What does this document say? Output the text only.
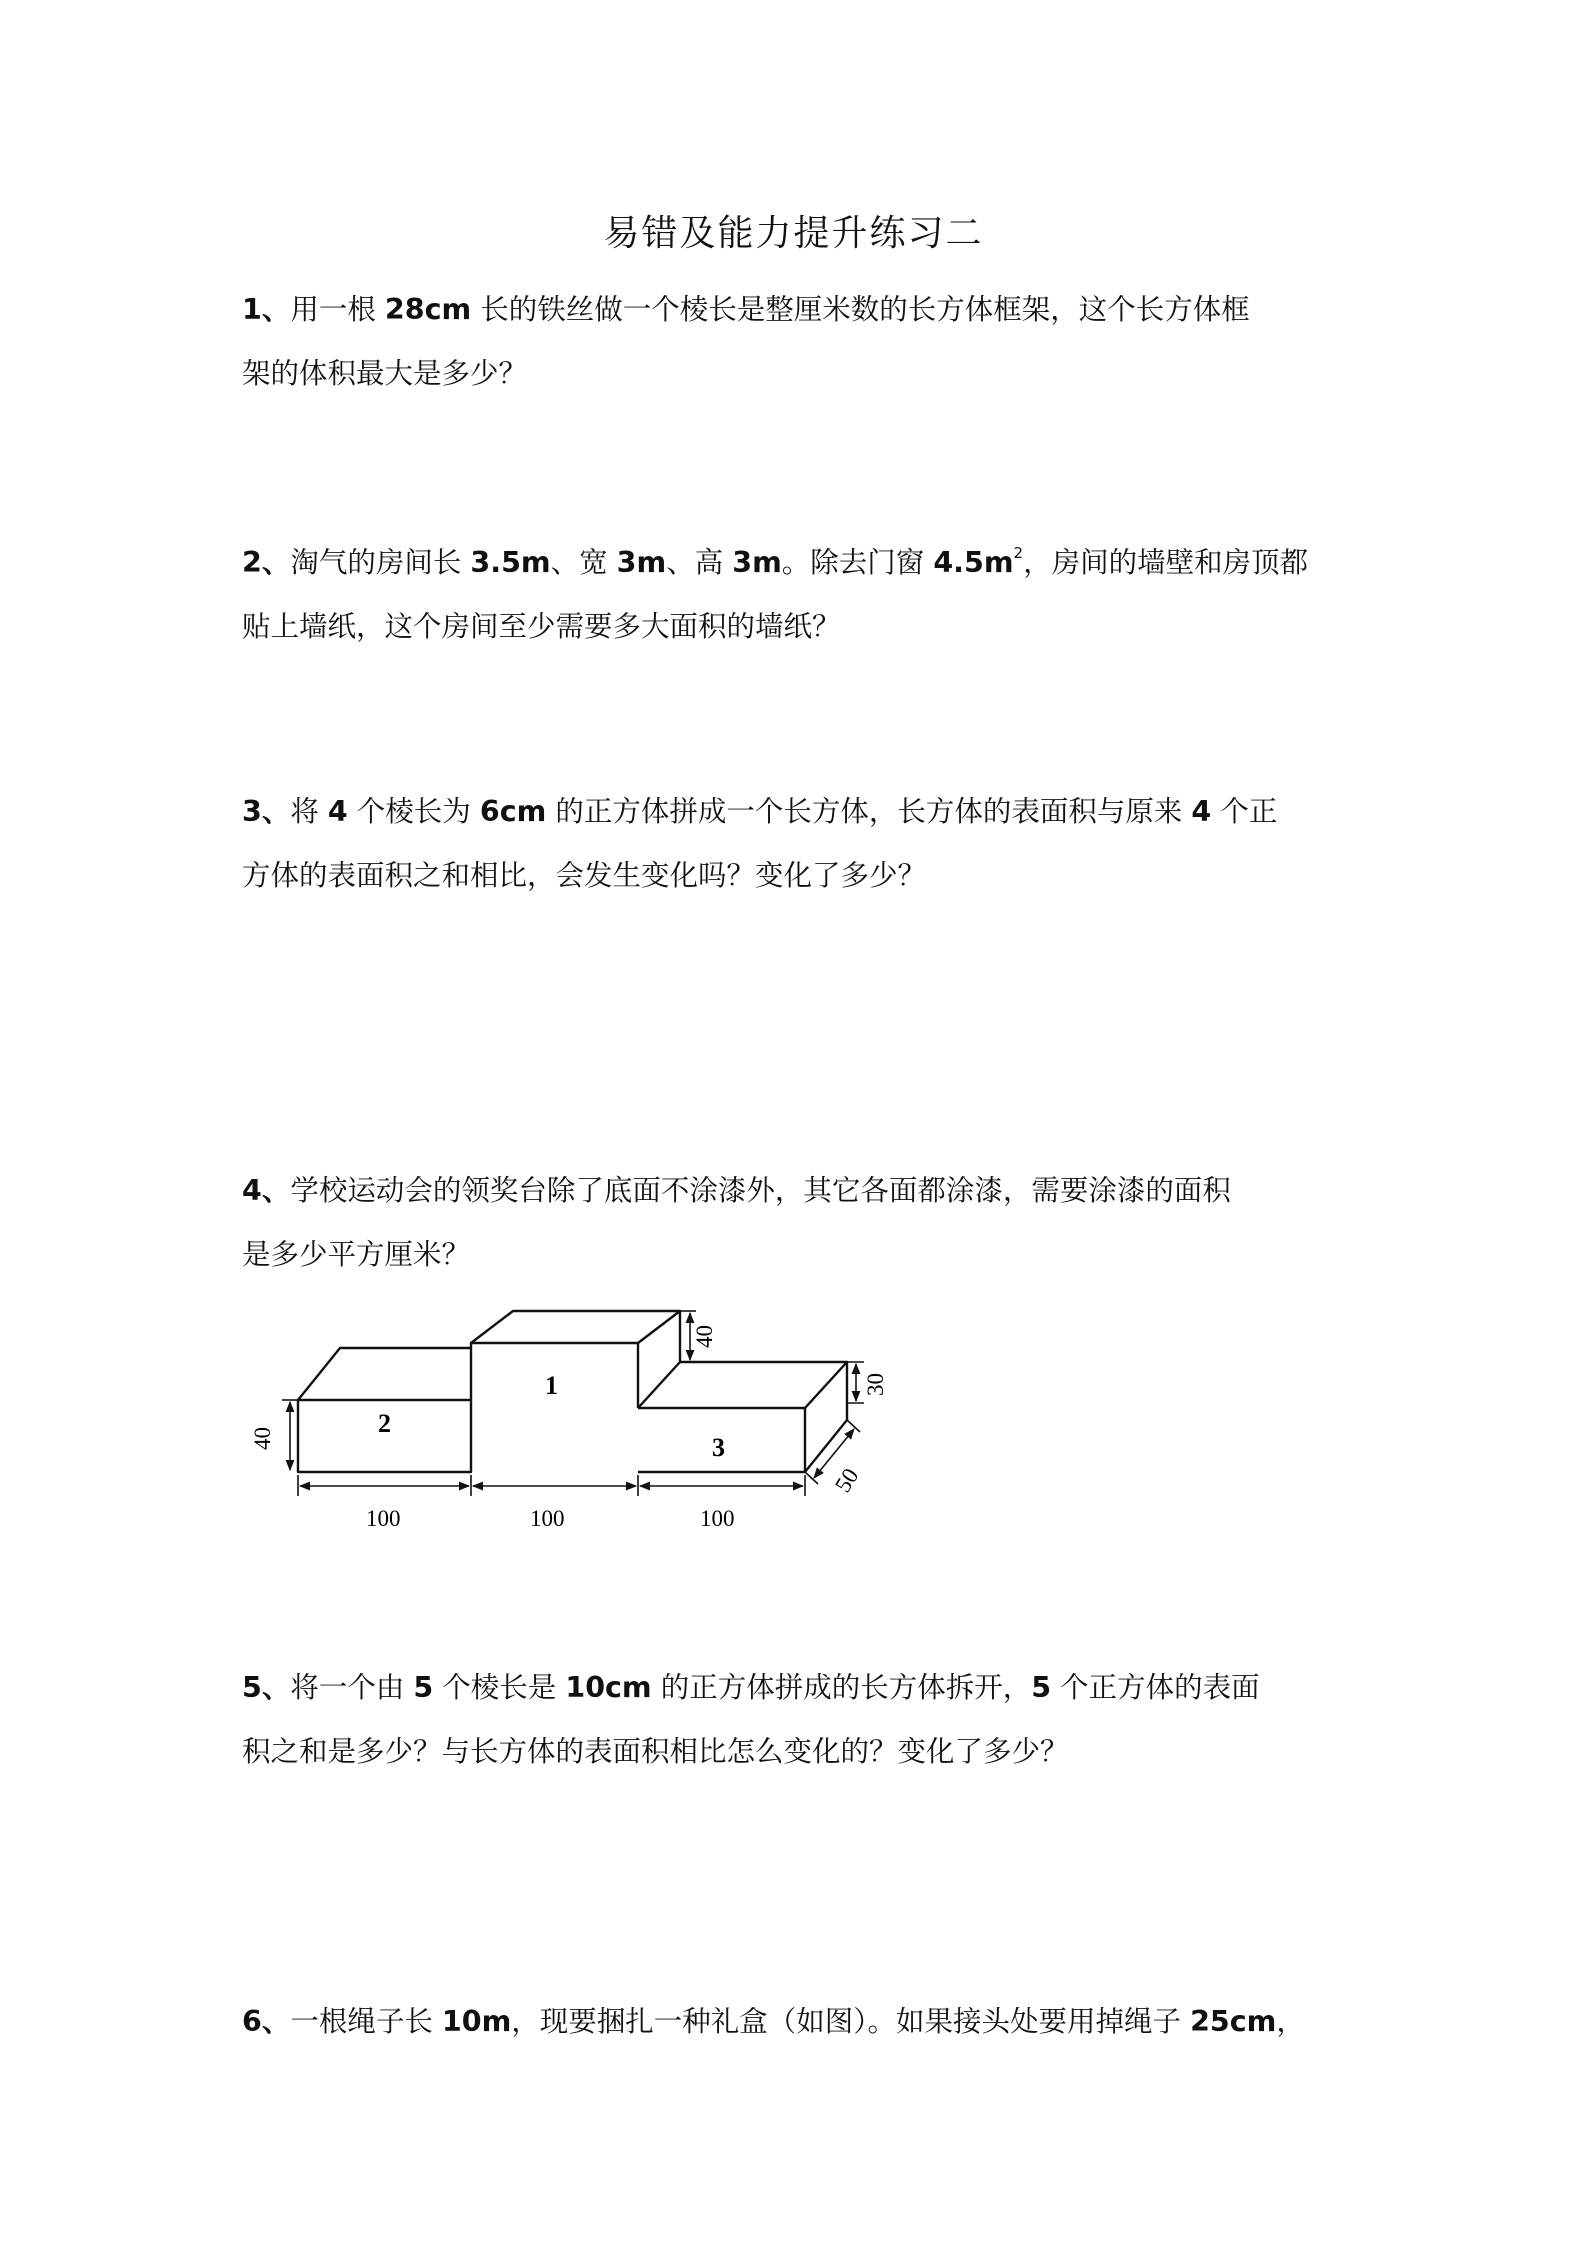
易错及能力提升练习二
1、用一根 28cm 长的铁丝做一个棱长是整厘米数的长方体框架，这个长方体框
架的体积最大是多少？
2、淘气的房间长 3.5m、宽 3m、高 3m。除去门窗 $4.5m^2$，房间的墙壁和房顶都
贴上墙纸，这个房间至少需要多大面积的墙纸？
3、将 4 个棱长为 6cm 的正方体拼成一个长方体，长方体的表面积与原来 4 个正
方体的表面积之和相比，会发生变化吗？变化了多少？
4、学校运动会的领奖台除了底面不涂漆外，其它各面都涂漆，需要涂漆的面积
是多少平方厘米？
1
2
3
100	100	100
40
40
30
50
5、将一个由 5 个棱长是 10cm 的正方体拼成的长方体拆开，5 个正方体的表面
积之和是多少？与长方体的表面积相比怎么变化的？变化了多少？
6、一根绳子长 10m，现要捆扎一种礼盒（如图）。如果接头处要用掉绳子 25cm，
